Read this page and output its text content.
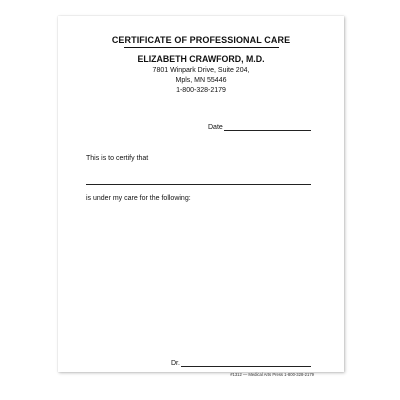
CERTIFICATE OF PROFESSIONAL CARE
ELIZABETH CRAWFORD, M.D.
7801 Winpark Drive, Suite 204,
Mpls, MN 55446
1-800-328-2179
Date
This is to certify that
is under my care for the following:
Dr.
#1312 — Medical Arts Press 1-800-328-2179
